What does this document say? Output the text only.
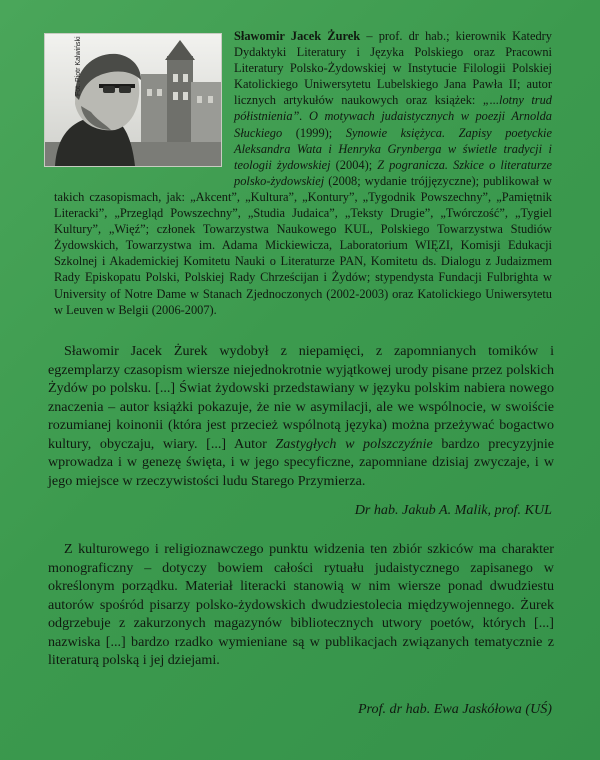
Fot. Piotr Kalwiński
Sławomir Jacek Żurek – prof. dr hab.; kierownik Katedry Dydaktyki Literatury i Języka Polskiego oraz Pracowni Literatury Polsko-Żydowskiej w Instytucie Filologii Polskiej Katolickiego Uniwersytetu Lubelskiego Jana Pawła II; autor licznych artykułów naukowych oraz książek: „...lotny trud półistnienia”. O motywach judaistycznych w poezji Arnolda Słuckiego (1999); Synowie księżyca. Zapisy poetyckie Aleksandra Wata i Henryka Grynberga w świetle tradycji i teologii żydowskiej (2004); Z pogranicza. Szkice o literaturze polsko-żydowskiej (2008; wydanie trójjęzyczne); publikował w takich czasopismach, jak: „Akcent”, „Kultura”, „Kontury”, „Tygodnik Powszechny”, „Pamiętnik Literacki”, „Przegląd Powszechny”, „Studia Judaica”, „Teksty Drugie”, „Twórczość”, „Tygiel Kultury”, „Więź”; członek Towarzystwa Naukowego KUL, Polskiego Towarzystwa Studiów Żydowskich, Towarzystwa im. Adama Mickiewicza, Laboratorium WIĘZI, Komisji Edukacji Szkolnej i Akademickiej Komitetu Nauki o Literaturze PAN, Komitetu ds. Dialogu z Judaizmem Rady Episkopatu Polski, Polskiej Rady Chrześcijan i Żydów; stypendysta Fundacji Fulbrighta w University of Notre Dame w Stanach Zjednoczonych (2002-2003) oraz Katolickiego Uniwersytetu w Leuven w Belgii (2006-2007).
Sławomir Jacek Żurek wydobył z niepamięci, z zapomnianych tomików i egzemplarzy czasopism wiersze niejednokrotnie wyjątkowej urody pisane przez polskich Żydów po polsku. [...] Świat żydowski przedstawiany w języku polskim nabiera nowego znaczenia – autor książki pokazuje, że nie w asymilacji, ale we wspólnocie, w swoiście rozumianej koinonii (która jest przecież wspólnotą języka) można przeżywać bogactwo kultury, obyczaju, wiary. [...] Autor Zastygłych w polszczyźnie bardzo precyzyjnie wprowadza i w genezę święta, i w jego specyficzne, zapomniane dzisiaj zwyczaje, i w jego miejsce w rzeczywistości ludu Starego Przymierza.
Dr hab. Jakub A. Malik, prof. KUL
Z kulturowego i religioznawczego punktu widzenia ten zbiór szkiców ma charakter monograficzny – dotyczy bowiem całości rytuału judaistycznego zapisanego w określonym porządku. Materiał literacki stanowią w nim wiersze ponad dwudziestu autorów spośród pisarzy polsko-żydowskich dwudziestolecia międzywojennego. Żurek odgrzebuje z zakurzonych magazynów bibliotecznych utwory poetów, których [...] nazwiska [...] bardzo rzadko wymieniane są w publikacjach związanych tematycznie z literaturą polską i jej dziejami.
Prof. dr hab. Ewa Jaskółowa (UŚ)
